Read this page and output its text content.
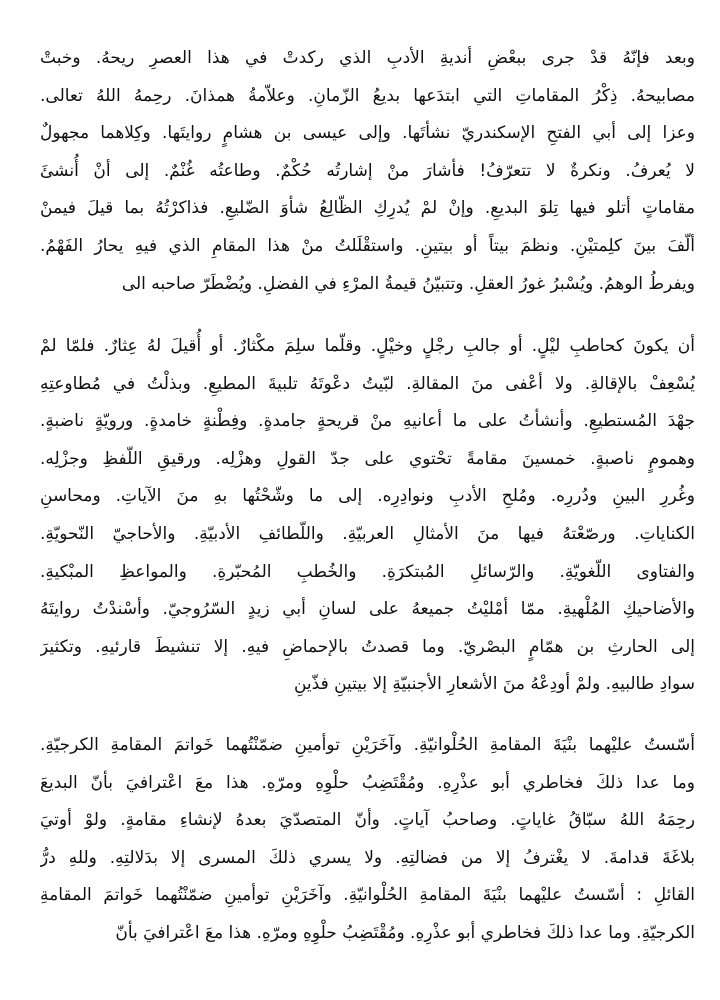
وبعد فإنّهُ قدْ جرى ببعْضِ أنديةِ الأدبِ الذي ركدتْ في هذا العصرِ ريحهُ. وخبتْ
مصابيحهُ. ذِكْرُ المقاماتِ التي ابتدَعها بديعُ الزّمانِ. وعلاّمةُ همذانَ. رحِمهُ اللهُ تعالى.
وعزا إلى أبي الفتحِ الإسكندريّ نشأتَها. وإلى عيسى بن هشامٍ روايتَها. وكِلاهما مجهولٌ
لا يُعرفُ. ونكرةٌ لا تتعرّفُ! فأشارَ منْ إشارتُه حُكْمٌ. وطاعتُه غُنْمٌ. إلى أنْ أُنشئَ
مقاماتٍ أتلو فيها تِلوَ البديعِ. وإنْ لمْ يُدرِكِ الظّالِعُ شأوَ الضّليعِ. فذاكرْتُهُ بما قيلَ فيمنْ
ألّفَ بينَ كلِمتيْنِ. ونظمَ بيتاً أو بيتينِ. واستقْلَلتُ منْ هذا المقامِ الذي فيهِ يحارُ الفَهْمُ.
ويفرطُ الوهمُ. ويُسْبرُ غورُ العقلِ. وتتبيّنُ قيمةُ المرْءِ في الفضلِ. ويُضْطَرّ صاحبه الى
أن يكونَ كحاطبِ ليْلٍ. أو جالبِ رجْلٍ وخيْلٍ. وقلّما سلِمَ مكْثارٌ. أو أُقيلَ لهُ عِثارٌ. فلمّا لمْ
يُسْعِفْ بالإقالةِ. ولا أعْفى منَ المقالةِ. لبّيتُ دعْوتَهُ تلبيةَ المطيعِ. وبذلْتُ في مُطاوعتِهِ
جهْدَ المُستطيعِ. وأنشأتُ على ما أعانيهِ منْ قريحةٍ جامدةٍ. وفِطْنةٍ خامدةٍ. ورويّةٍ ناضبةٍ.
وهمومٍ ناصبةٍ. خمسينَ مقامةً تحْتوي على جدّ القولِ وهزْلِه. ورقيقِ اللّفظِ وجزْلِه.
وغُررِ البينِ ودُررِه. ومُلحِ الأدبِ ونوادِرِه. إلى ما وشّحْتُها بهِ منَ الآياتِ. ومحاسنِ
الكناياتِ. ورصّعْتهُ فيها منَ الأمثالِ العربيّةِ. واللّطائفِ الأدبيّةِ. والأحاجيّ النّحويّةِ.
والفتاوى اللّغويّةِ. والرّسائلِ المُبتكرَةِ. والخُطبِ المُحبّرةِ. والمواعظِ المبْكيةِ.
والأضاحيكِ المُلْهيةِ. ممّا أمْليْتُ جميعهُ على لسانِ أبي زيدٍ السّرُوجيّ. وأسْندْتُ روايتَهُ
إلى الحارثِ بن همّامٍ البصْريّ. وما قصدتُ بالإحماضِ فيهِ. إلا تنشيطَ قارئيهِ. وتكثيرَ
سوادِ طالبيهِ. ولمْ أودِعْهُ منَ الأشعارِ الأجنبيّةِ إلا بيتينِ فذّينِ
أسّستُ عليْهما بنْيَةَ المقامةِ الحُلْوانيّةِ. وآخَرَيْنِ توأمينِ ضمّنْتُهما خَواتمَ المقامةِ الكرجيّةِ.
وما عدا ذلكَ فخاطري أبو عذْرِهِ. ومُقْتَضِبُ حلْوِهِ ومرّهِ. هذا معَ اعْترافيَ بأنّ البديعَ
رحِمَهُ اللهُ سبّاقُ غاياتٍ. وصاحبُ آياتٍ. وأنّ المتصدّيَ بعدهُ لإنشاءِ مقامةٍ. ولوْ أوتيَ
بلاغَةَ قدامةَ. لا يغْترفُ إلا من فضالتِهِ. ولا يسري ذلكَ المسرى إلا بدَلالتِهِ. وللهِ درُّ
القائلِ : أسّستُ عليْهما بنْيَةَ المقامةِ الحُلْوانيّةِ. وآخَرَيْنِ توأمينِ ضمّنْتُهما خَواتمَ المقامةِ
الكرجيّةِ. وما عدا ذلكَ فخاطري أبو عذْرِهِ. ومُقْتَضِبُ حلْوِهِ ومرّهِ. هذا معَ اعْترافيَ بأنّ
